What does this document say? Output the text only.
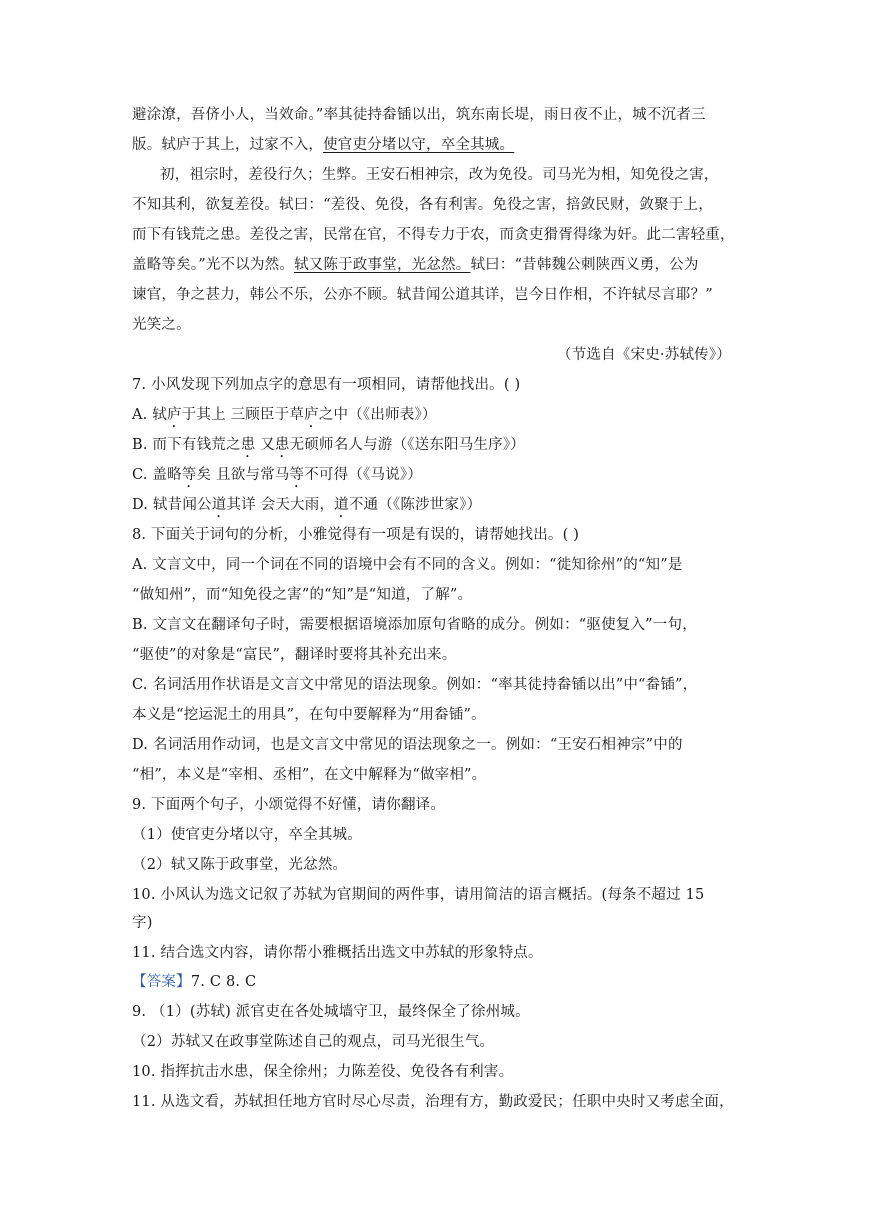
避涂潦，吾侪小人，当效命。”率其徒持畚锸以出，筑东南长堤，雨日夜不止，城不沉者三
版。轼庐于其上，过家不入，使官吏分堵以守，卒全其城。
初，祖宗时，差役行久；生弊。王安石相神宗，改为免役。司马光为相，知免役之害，
不知其利，欲复差役。轼曰：“差役、免役，各有利害。免役之害，掊敛民财，敛聚于上，
而下有钱荒之患。差役之害，民常在官，不得专力于农，而贪吏猾胥得缘为奸。此二害轻重，
盖略等矣。”光不以为然。轼又陈于政事堂，光忿然。轼曰：“昔韩魏公刺陕西义勇，公为
谏官，争之甚力，韩公不乐，公亦不顾。轼昔闻公道其详，岂今日作相，不许轼尽言耶？”
光笑之。
（节选自《宋史·苏轼传》）
7. 小风发现下列加点字的意思有一项相同，请帮他找出。( )
A. 轼庐于其上 三顾臣于草庐之中（《出师表》）
B. 而下有钱荒之患 又患无硕师名人与游（《送东阳马生序》）
C. 盖略等矣 且欲与常马等不可得（《马说》）
D. 轼昔闻公道其详 会天大雨，道不通（《陈涉世家》）
8. 下面关于词句的分析，小雅觉得有一项是有误的，请帮她找出。( )
A. 文言文中，同一个词在不同的语境中会有不同的含义。例如：“徙知徐州”的“知”是
“做知州”，而“知免役之害”的“知”是“知道，了解”。
B. 文言文在翻译句子时，需要根据语境添加原句省略的成分。例如：“驱使复入”一句，
“驱使”的对象是“富民”，翻译时要将其补充出来。
C. 名词活用作状语是文言文中常见的语法现象。例如：“率其徒持畚锸以出”中“畚锸”，
本义是“挖运泥土的用具”，在句中要解释为“用畚锸”。
D. 名词活用作动词，也是文言文中常见的语法现象之一。例如：“王安石相神宗”中的
“相”，本义是“宰相、丞相”，在文中解释为“做宰相”。
9. 下面两个句子，小颂觉得不好懂，请你翻译。
（1）使官吏分堵以守，卒全其城。
（2）轼又陈于政事堂，光忿然。
10. 小风认为选文记叙了苏轼为官期间的两件事，请用简洁的语言概括。(每条不超过 15
字)
11. 结合选文内容，请你帮小雅概括出选文中苏轼的形象特点。
【答案】7. C 8. C
9. （1）(苏轼) 派官吏在各处城墙守卫，最终保全了徐州城。
（2）苏轼又在政事堂陈述自己的观点，司马光很生气。
10. 指挥抗击水患，保全徐州；力陈差役、免役各有利害。
11. 从选文看，苏轼担任地方官时尽心尽责，治理有方，勤政爱民；任职中央时又考虑全面，
